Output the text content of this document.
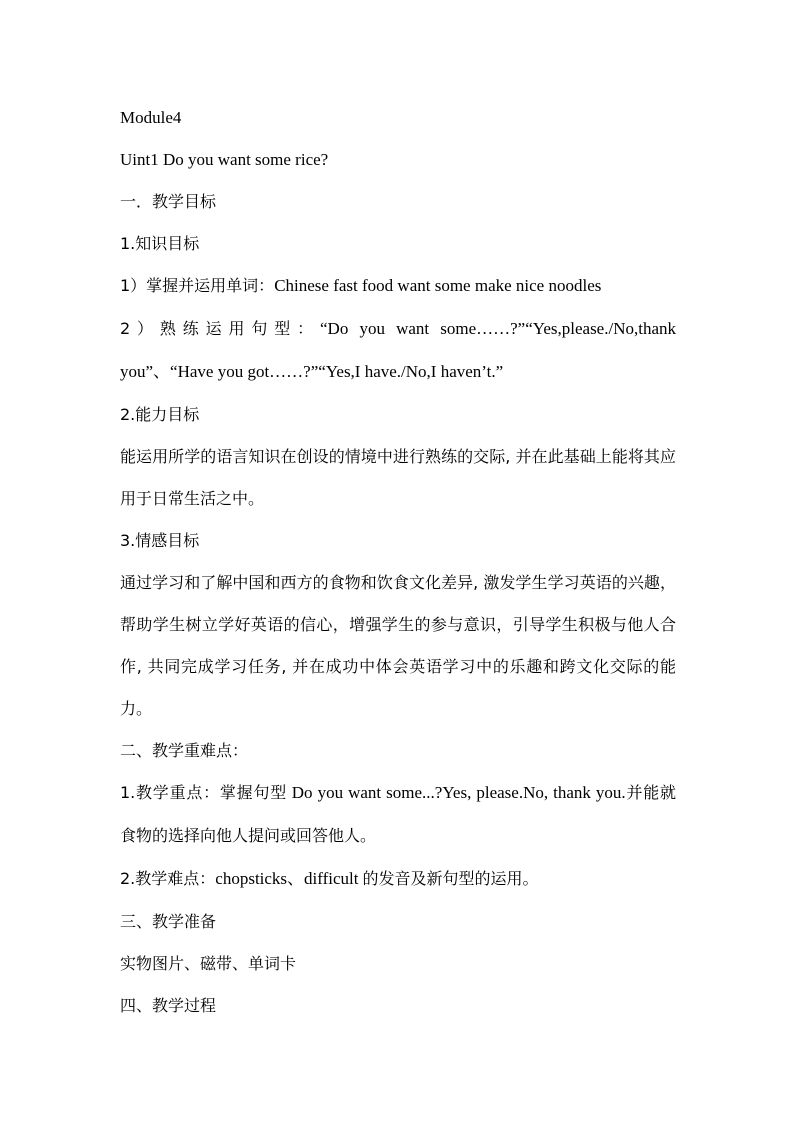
Module4
Uint1 Do you want some rice?
一．教学目标
1.知识目标
1）掌握并运用单词：Chinese fast food want some make nice noodles
2）熟练运用句型：“Do you want some……?”“Yes,please./No,thank you”、“Have you got……?”“Yes,I have./No,I haven’t.”
2.能力目标
能运用所学的语言知识在创设的情境中进行熟练的交际, 并在此基础上能将其应用于日常生活之中。
3.情感目标
通过学习和了解中国和西方的食物和饮食文化差异, 激发学生学习英语的兴趣，帮助学生树立学好英语的信心，增强学生的参与意识，引导学生积极与他人合作, 共同完成学习任务, 并在成功中体会英语学习中的乐趣和跨文化交际的能力。
二、教学重难点：
1.教学重点：掌握句型 Do you want some...?Yes, please.No, thank you.并能就食物的选择向他人提问或回答他人。
2.教学难点：chopsticks、difficult 的发音及新句型的运用。
三、教学准备
实物图片、磁带、单词卡
四、教学过程
